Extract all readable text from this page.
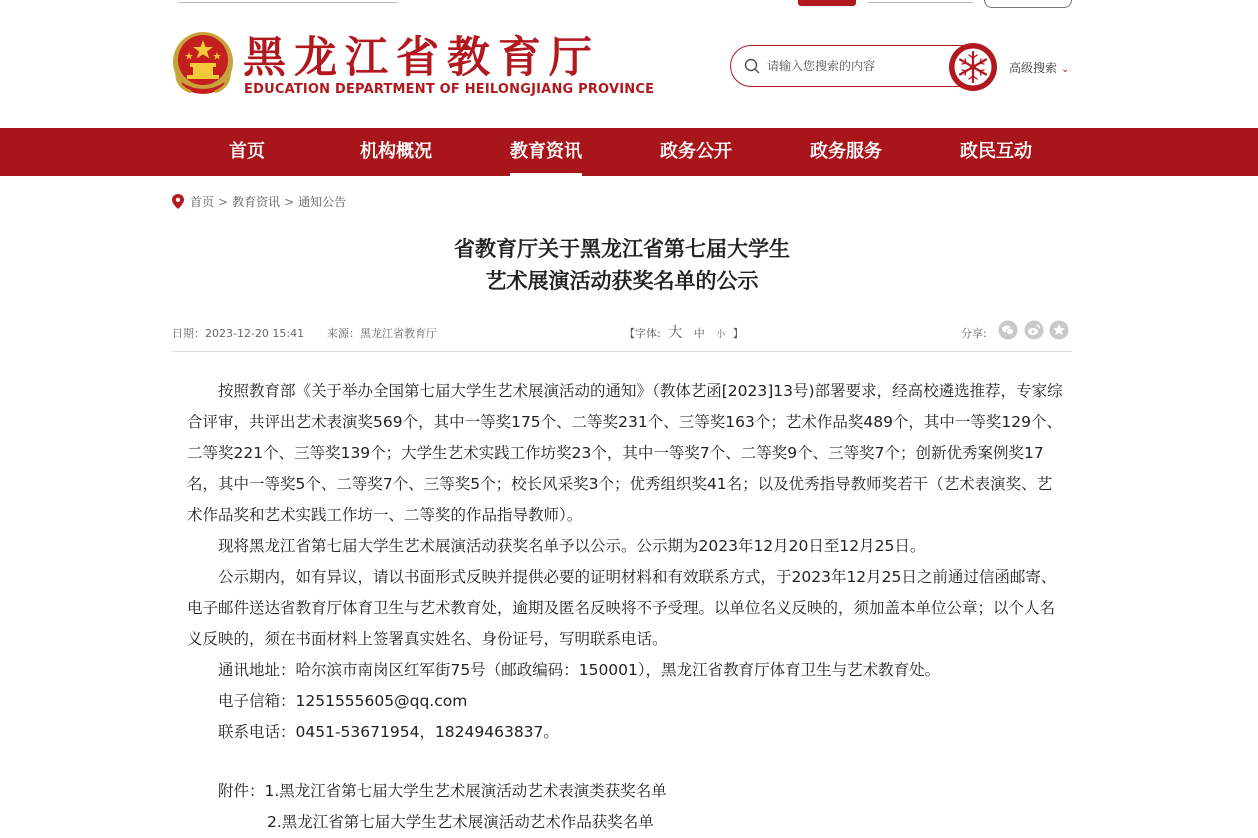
黑龙江省教育厅
EDUCATION DEPARTMENT OF HEILONGJIANG PROVINCE
请输入您搜索的内容
高级搜索 ⌄
首页	机构概况	教育资讯	政务公开	政务服务	政民互动
首页 > 教育资讯 > 通知公告
省教育厅关于黑龙江省第七届大学生
艺术展演活动获奖名单的公示
日期：2023-12-20 15:41 来源：黑龙江省教育厅	【字体: 大 中 小 】	分享:

按照教育部《关于举办全国第七届大学生艺术展演活动的通知》（教体艺函[2023]13号)部署要求，经高校遴选推荐，专家综合评审，共评出艺术表演奖569个，其中一等奖175个、二等奖231个、三等奖163个；艺术作品奖489个，其中一等奖129个、二等奖221个、三等奖139个；大学生艺术实践工作坊奖23个，其中一等奖7个、二等奖9个、三等奖7个；创新优秀案例奖17名，其中一等奖5个、二等奖7个、三等奖5个；校长风采奖3个；优秀组织奖41名；以及优秀指导教师奖若干（艺术表演奖、艺术作品奖和艺术实践工作坊一、二等奖的作品指导教师）。

现将黑龙江省第七届大学生艺术展演活动获奖名单予以公示。公示期为2023年12月20日至12月25日。

公示期内，如有异议，请以书面形式反映并提供必要的证明材料和有效联系方式，于2023年12月25日之前通过信函邮寄、电子邮件送达省教育厅体育卫生与艺术教育处，逾期及匿名反映将不予受理。以单位名义反映的，须加盖本单位公章；以个人名义反映的，须在书面材料上签署真实姓名、身份证号，写明联系电话。

通讯地址：哈尔滨市南岗区红军街75号（邮政编码：150001），黑龙江省教育厅体育卫生与艺术教育处。

电子信箱：1251555605@qq.com

联系电话：0451-53671954，18249463837。

附件：1.黑龙江省第七届大学生艺术展演活动艺术表演类获奖名单

2.黑龙江省第七届大学生艺术展演活动艺术作品获奖名单
